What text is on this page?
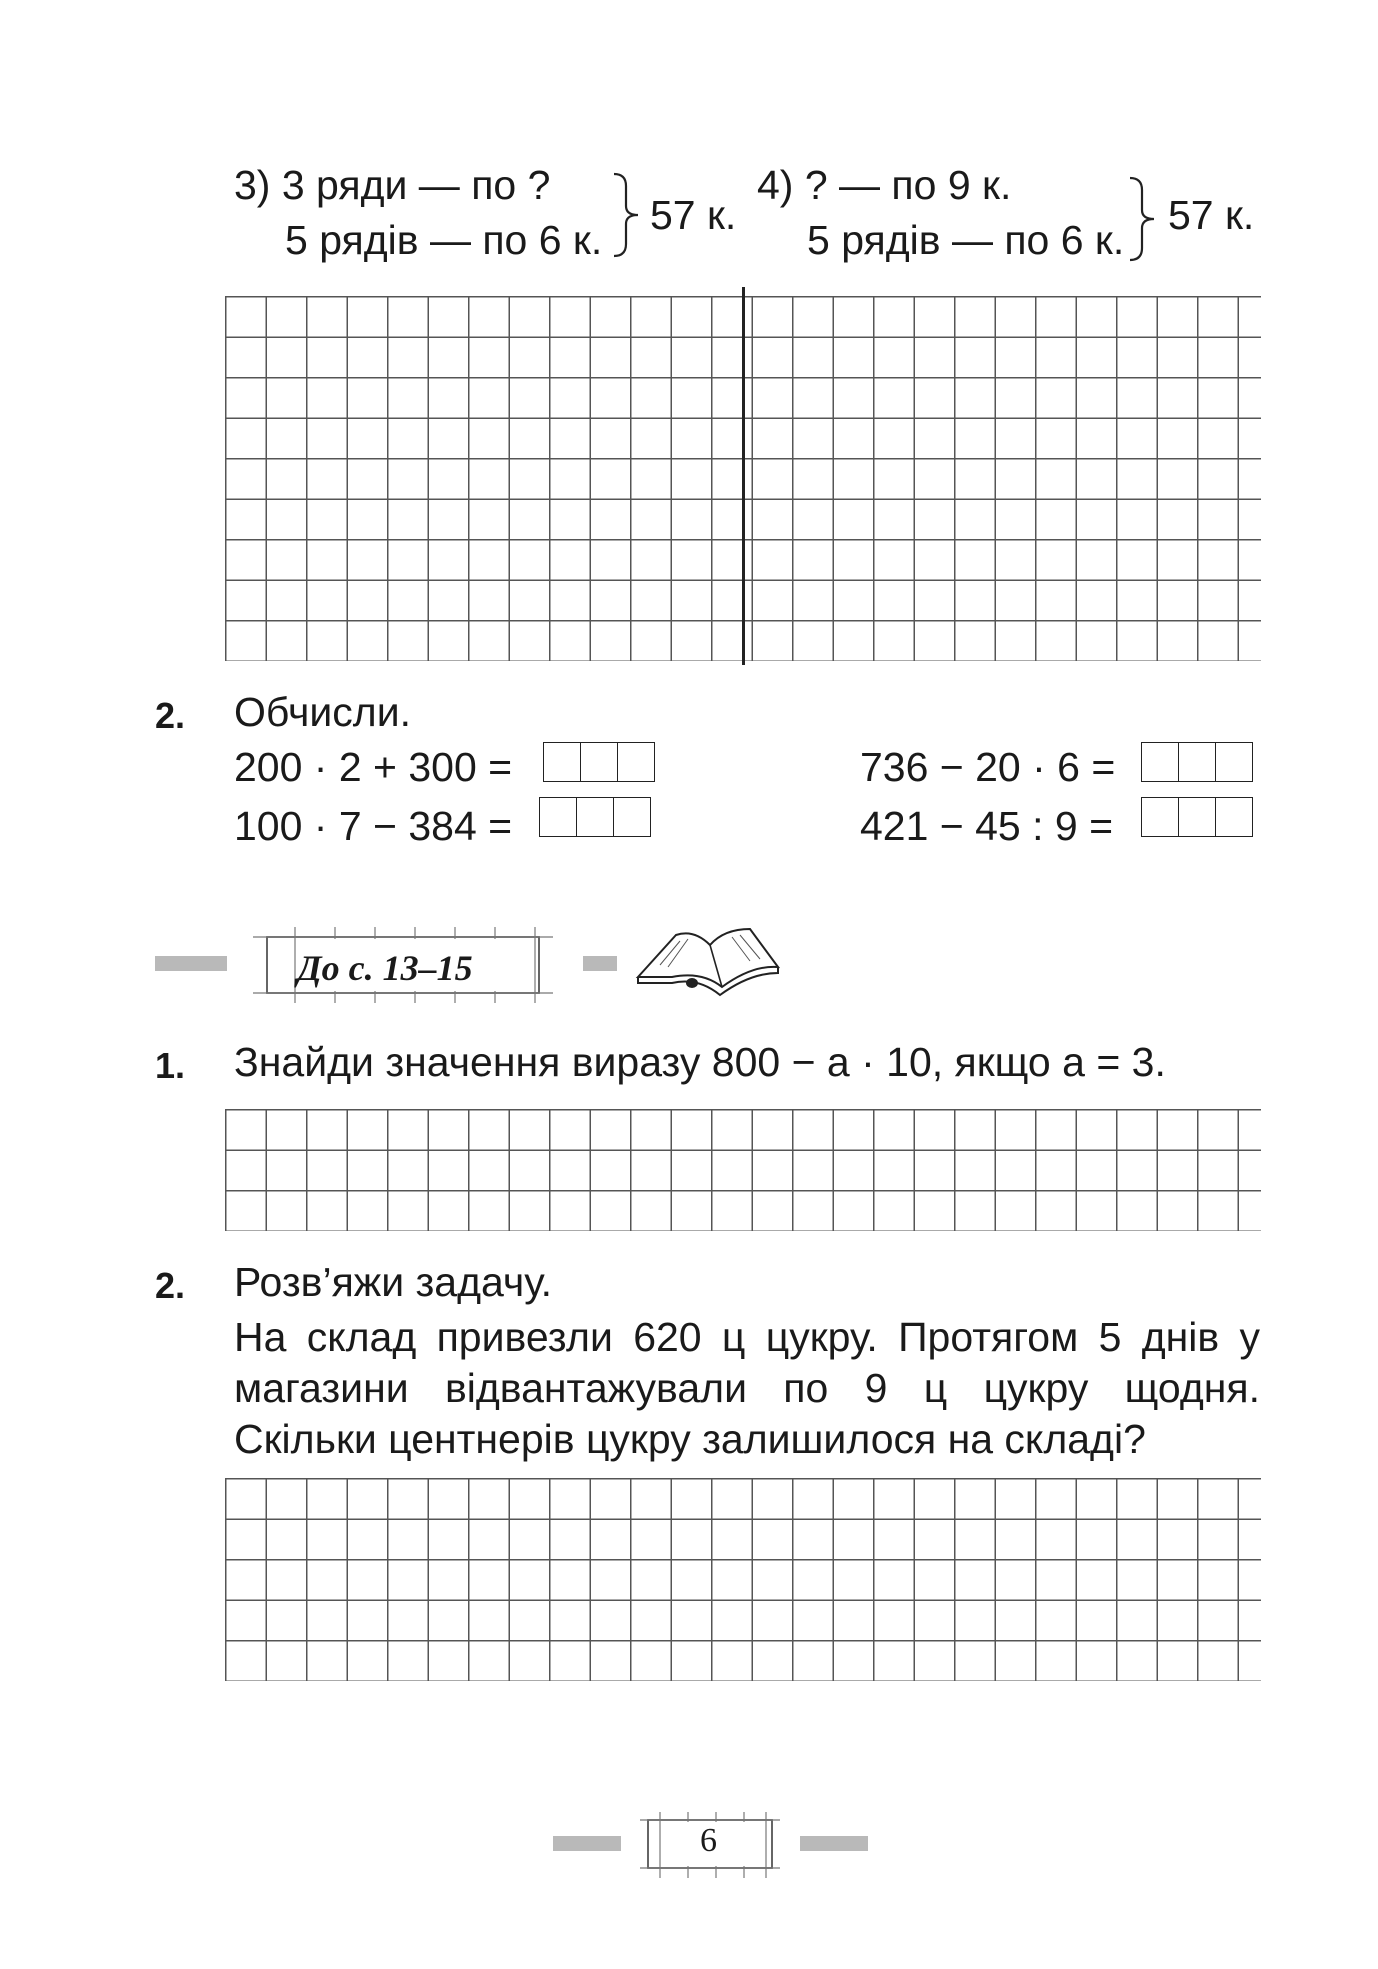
3) 3 ряди — по ?
5 рядів — по 6 к.
57 к.
4) ? — по 9 к.
5 рядів — по 6 к.
57 к.
2. Обчисли.
200 · 2 + 300 =
100 · 7 − 384 =
736 − 20 · 6 =
421 − 45 : 9 =
До с. 13–15
1. Знайди значення виразу 800 − a · 10, якщо a = 3.
2. Розв’яжи задачу.
На склад привезли 620 ц цукру. Протягом 5 днів у магазини відвантажували по 9 ц цукру щодня. Скільки центнерів цукру залишилося на складі?
6
